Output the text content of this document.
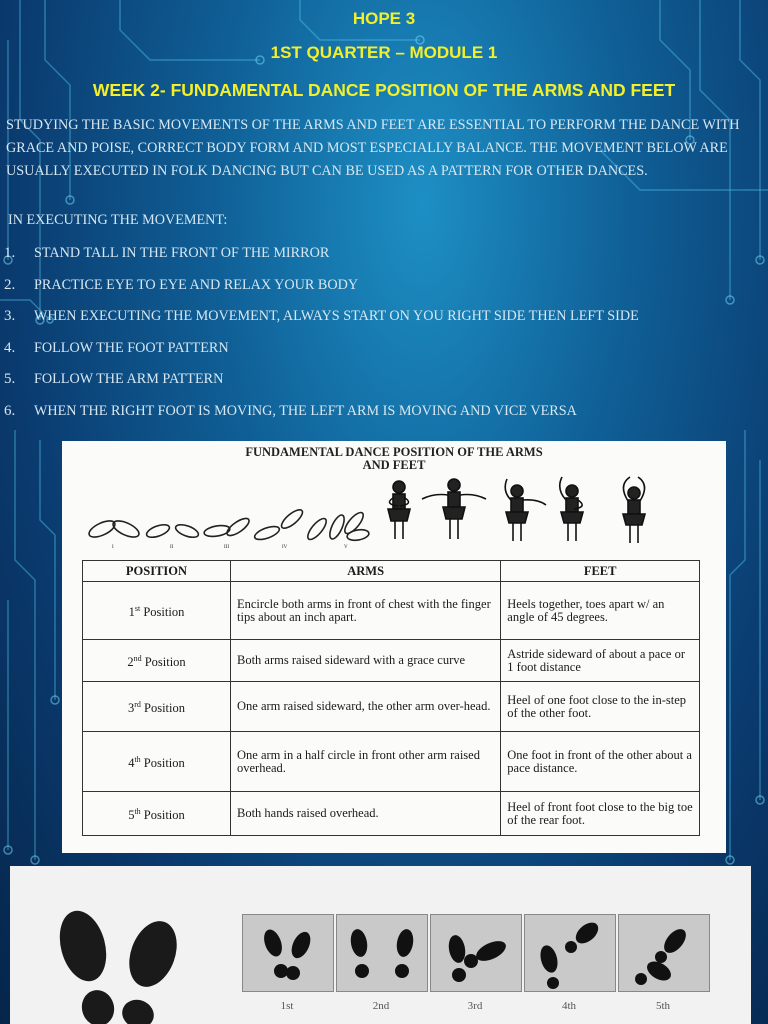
HOPE 3
1ST QUARTER – MODULE 1
WEEK 2- FUNDAMENTAL DANCE POSITION OF THE ARMS AND FEET
STUDYING THE BASIC MOVEMENTS OF THE ARMS AND FEET ARE ESSENTIAL TO PERFORM THE DANCE WITH GRACE AND POISE, CORRECT BODY FORM AND MOST ESPECIALLY BALANCE. THE MOVEMENT BELOW ARE USUALLY EXECUTED IN FOLK DANCING BUT CAN BE USED AS A PATTERN FOR OTHER DANCES.
IN EXECUTING THE MOVEMENT:
1.	STAND TALL IN THE FRONT OF THE MIRROR
2.	PRACTICE EYE TO EYE AND RELAX YOUR BODY
3.	WHEN EXECUTING THE MOVEMENT, ALWAYS START ON YOU RIGHT SIDE THEN LEFT SIDE
4.	FOLLOW THE FOOT PATTERN
5.	FOLLOW THE ARM PATTERN
6.	WHEN THE RIGHT FOOT IS MOVING, THE LEFT ARM IS MOVING AND VICE VERSA
FUNDAMENTAL DANCE POSITION OF THE ARMS
AND FEET
I	II	III	IV	V
POSITION	ARMS	FEET
1st Position	Encircle both arms in front of chest with the finger tips about an inch apart.	Heels together, toes apart w/ an angle of 45 degrees.
2nd Position	Both arms raised sideward with a grace curve	Astride sideward of about a pace or 1 foot distance
3rd Position	One arm raised sideward, the other arm over-head.	Heel of one foot close to the in-step of the other foot.
4th Position	One arm in a half circle in front other arm raised overhead.	One foot in front of the other about a pace distance.
5th Position	Both hands raised overhead.	Heel of front foot close to the big toe of the rear foot.
1st	2nd	3rd	4th	5th
